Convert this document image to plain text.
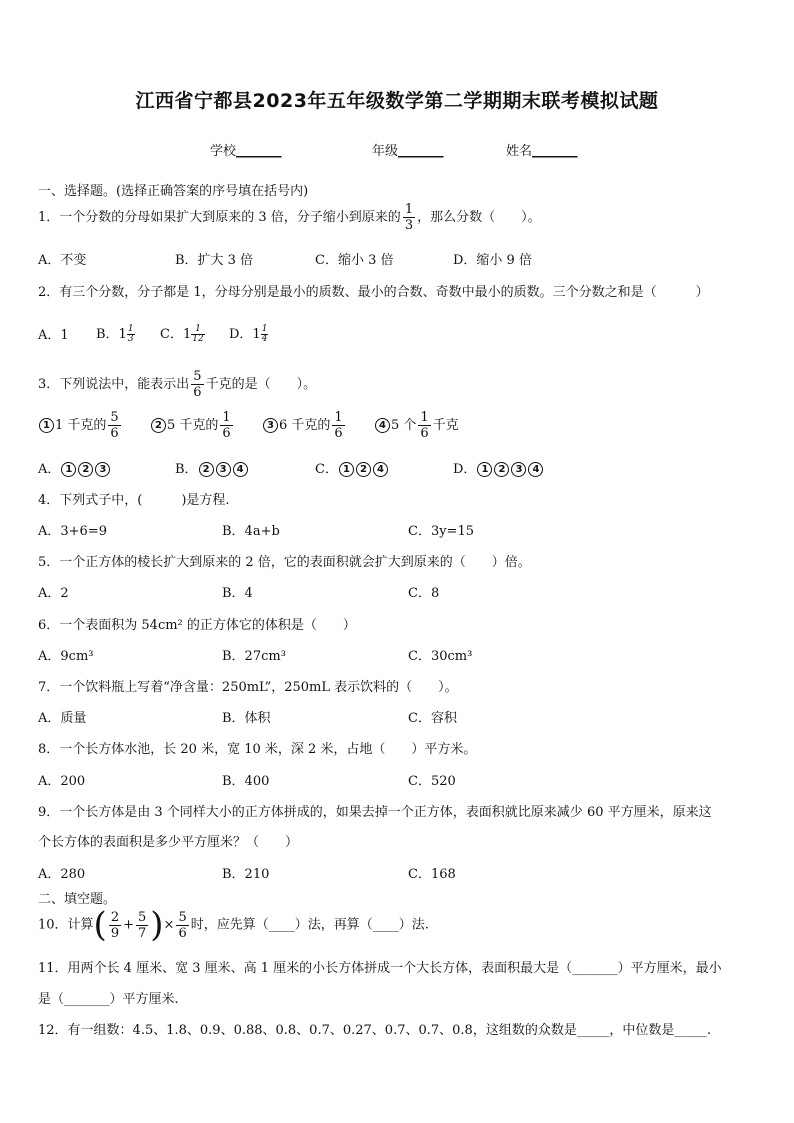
江西省宁都县2023年五年级数学第二学期期末联考模拟试题
学校_______	年级_______	姓名_______
一、选择题。(选择正确答案的序号填在括号内)
1．一个分数的分母如果扩大到原来的 3 倍，分子缩小到原来的 $\frac{1}{3}$ ，那么分数（　　）。
A．不变	B．扩大 3 倍	C．缩小 3 倍	D．缩小 9 倍
2．有三个分数，分子都是 1，分母分别是最小的质数、最小的合数、奇数中最小的质数。三个分数之和是（　　　）
A．1 B．$1 \frac{1}{3}$ C．$1 \frac{1}{12}$ D．$1 \frac{1}{4}$
3．下列说法中，能表示出 $\frac{5}{6}$ 千克的是（　　）。
1 1 千克的 $\frac{5}{6}$	2 5 千克的 $\frac{1}{6}$	3 6 千克的 $\frac{1}{6}$	4 5 个 $\frac{1}{6}$ 千克
A． 1 2 3	B． 2 3 4	C． 1 2 4	D． 1 2 3 4
4．下列式子中，(　　　)是方程.
A．3+6=9	B．4a+b	C．3y=15
5．一个正方体的棱长扩大到原来的 2 倍，它的表面积就会扩大到原来的（　　）倍。
A．2	B．4	C．8
6．一个表面积为 54cm² 的正方体它的体积是（　　）
A．9cm³	B．27cm³	C．30cm³
7．一个饮料瓶上写着“净含量：250mL”，250mL 表示饮料的（　　）。
A．质量	B．体积	C．容积
8．一个长方体水池，长 20 米，宽 10 米，深 2 米，占地（　　）平方米。
A．200	B．400	C．520
9．一个长方体是由 3 个同样大小的正方体拼成的，如果去掉一个正方体，表面积就比原来减少 60 平方厘米，原来这
个长方体的表面积是多少平方厘米？（　　）
A．280	B．210	C．168
二、填空题。
10．计算( $\frac{2}{9} + \frac{5}{7}$ )× $\frac{5}{6}$ 时，应先算（____）法，再算（____）法.
11．用两个长 4 厘米、宽 3 厘米、高 1 厘米的小长方体拼成一个大长方体，表面积最大是（_______）平方厘米，最小
是（_______）平方厘米.
12．有一组数：4.5、1.8、0.9、0.88、0.8、0.7、0.27、0.7、0.7、0.8，这组数的众数是_____，中位数是_____.
